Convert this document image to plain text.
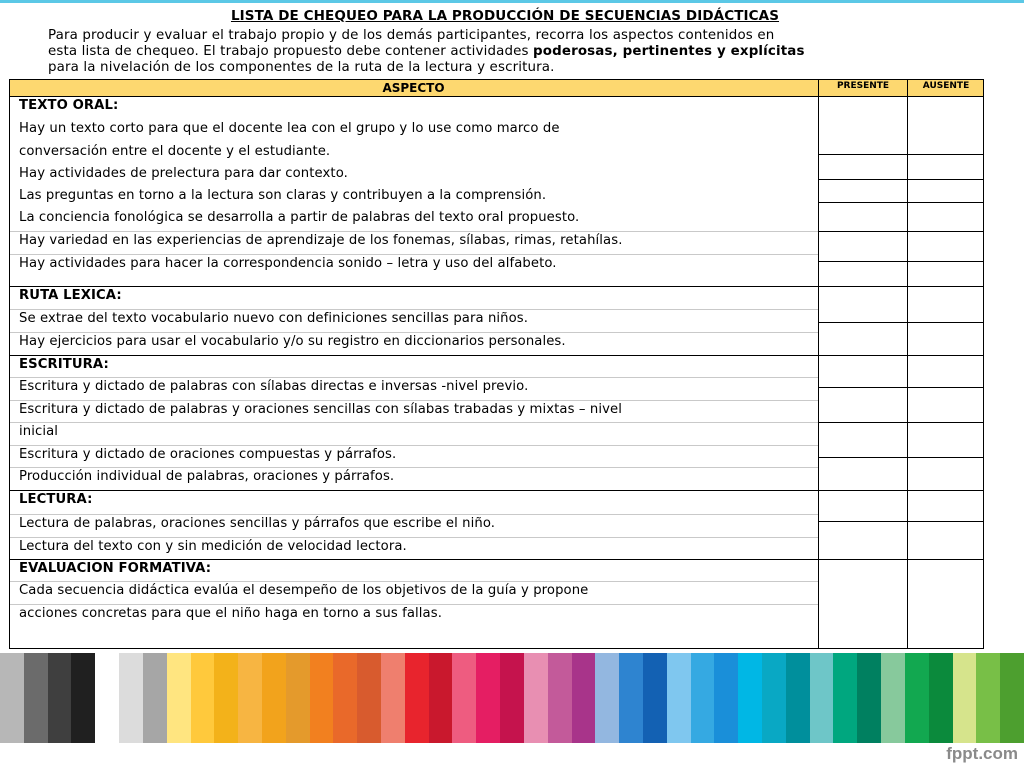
LISTA DE CHEQUEO PARA LA PRODUCCIÓN DE SECUENCIAS DIDÁCTICAS
Para producir y evaluar el trabajo propio y de los demás participantes, recorra los aspectos contenidos en
esta lista de chequeo. El trabajo propuesto debe contener actividades poderosas, pertinentes y explícitas
para la nivelación de los componentes de la ruta de la lectura y escritura.
ASPECTO	PRESENTE	AUSENTE
TEXTO ORAL:
Hay un texto corto para que el docente lea con el grupo y lo use como marco de
conversación entre el docente y el estudiante.
Hay actividades de prelectura para dar contexto.
Las preguntas en torno a la lectura son claras y contribuyen a la comprensión.
La conciencia fonológica se desarrolla a partir de palabras del texto oral propuesto.
Hay variedad en las experiencias de aprendizaje de los fonemas, sílabas, rimas, retahílas.
Hay actividades para hacer la correspondencia sonido – letra y uso del alfabeto.
RUTA LEXICA:
Se extrae del texto vocabulario nuevo con definiciones sencillas para niños.
Hay ejercicios para usar el vocabulario y/o su registro en diccionarios personales.
ESCRITURA:
Escritura y dictado de palabras con sílabas directas e inversas -nivel previo.
Escritura y dictado de palabras y oraciones sencillas con sílabas trabadas y mixtas – nivel
inicial
Escritura y dictado de oraciones compuestas y párrafos.
Producción individual de palabras, oraciones y párrafos.
LECTURA:
Lectura de palabras, oraciones sencillas y párrafos que escribe el niño.
Lectura del texto con y sin medición de velocidad lectora.
EVALUACION FORMATIVA:
Cada secuencia didáctica evalúa el desempeño de los objetivos de la guía y propone
acciones concretas para que el niño haga en torno a sus fallas.
fppt.com
